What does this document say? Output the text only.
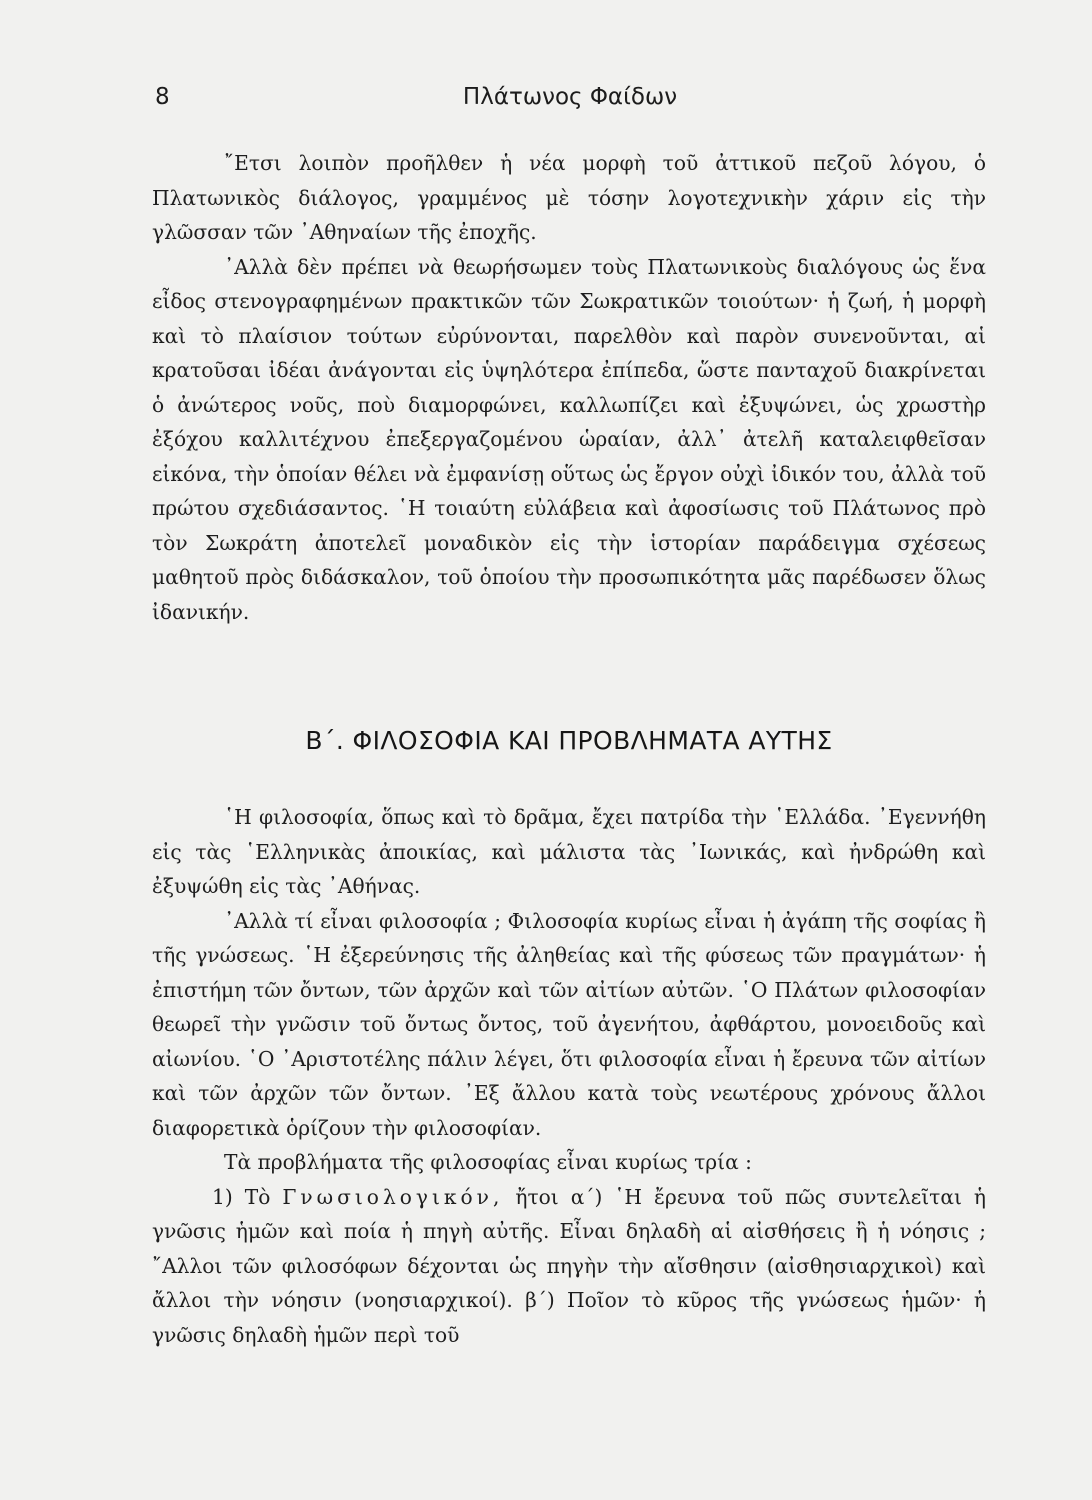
8	Πλάτωνος Φαίδων

῎Ετσι λοιπὸν προῆλθεν ἡ νέα μορφὴ τοῦ ἀττικοῦ πεζοῦ λόγου, ὁ Πλατωνικὸς διάλογος, γραμμένος μὲ τόσην λογοτεχνικὴν χάριν εἰς τὴν γλῶσσαν τῶν ᾿Αθηναίων τῆς ἐποχῆς.

᾿Αλλὰ δὲν πρέπει νὰ θεωρήσωμεν τοὺς Πλατωνικοὺς διαλόγους ὡς ἕνα εἶδος στενογραφημένων πρακτικῶν τῶν Σωκρατικῶν τοιούτων· ἡ ζωή, ἡ μορφὴ καὶ τὸ πλαίσιον τούτων εὐρύνονται, παρελθὸν καὶ παρὸν συνενοῦνται, αἱ κρατοῦσαι ἰδέαι ἀνάγονται εἰς ὑψηλότερα ἐπίπεδα, ὥστε πανταχοῦ διακρίνεται ὁ ἀνώτερος νοῦς, ποὺ διαμορφώνει, καλλωπίζει καὶ ἐξυψώνει, ὡς χρωστὴρ ἐξόχου καλλιτέχνου ἐπεξεργαζομένου ὡραίαν, ἀλλ᾿ ἀτελῆ καταλειφθεῖσαν εἰκόνα, τὴν ὁποίαν θέλει νὰ ἐμφανίσῃ οὕτως ὡς ἔργον οὐχὶ ἰδικόν του, ἀλλὰ τοῦ πρώτου σχεδιάσαντος. ῾Η τοιαύτη εὐλάβεια καὶ ἀφοσίωσις τοῦ Πλάτωνος πρὸ τὸν Σωκράτη ἀποτελεῖ μοναδικὸν εἰς τὴν ἱστορίαν παράδειγμα σχέσεως μαθητοῦ πρὸς διδάσκαλον, τοῦ ὁποίου τὴν προσωπικότητα μᾶς παρέδωσεν ὅλως ἰδανικήν.

Β΄. ΦΙΛΟΣΟΦΙΑ ΚΑΙ ΠΡΟΒΛΗΜΑΤΑ ΑΥΤΗΣ

῾Η φιλοσοφία, ὅπως καὶ τὸ δρᾶμα, ἔχει πατρίδα τὴν ῾Ελλάδα. ᾿Εγεννήθη εἰς τὰς ῾Ελληνικὰς ἀποικίας, καὶ μάλιστα τὰς ᾿Ιωνικάς, καὶ ἠνδρώθη καὶ ἐξυψώθη εἰς τὰς ᾿Αθήνας.

᾿Αλλὰ τί εἶναι φιλοσοφία ; Φιλοσοφία κυρίως εἶναι ἡ ἀγάπη τῆς σοφίας ἢ τῆς γνώσεως. ῾Η ἐξερεύνησις τῆς ἀληθείας καὶ τῆς φύσεως τῶν πραγμάτων· ἡ ἐπιστήμη τῶν ὄντων, τῶν ἀρχῶν καὶ τῶν αἰτίων αὐτῶν. ῾Ο Πλάτων φιλοσοφίαν θεωρεῖ τὴν γνῶσιν τοῦ ὄντως ὄντος, τοῦ ἀγενήτου, ἀφθάρτου, μονοειδοῦς καὶ αἰωνίου. ῾Ο ᾿Αριστοτέλης πάλιν λέγει, ὅτι φιλοσοφία εἶναι ἡ ἔρευνα τῶν αἰτίων καὶ τῶν ἀρχῶν τῶν ὄντων. ᾿Εξ ἄλλου κατὰ τοὺς νεωτέρους χρόνους ἄλλοι διαφορετικὰ ὁρίζουν τὴν φιλοσοφίαν.

Τὰ προβλήματα τῆς φιλοσοφίας εἶναι κυρίως τρία :

1) Τὸ Γνωσιολογικόν, ἤτοι α΄) ῾Η ἔρευνα τοῦ πῶς συντελεῖται ἡ γνῶσις ἡμῶν καὶ ποία ἡ πηγὴ αὐτῆς. Εἶναι δηλαδὴ αἱ αἰσθήσεις ἢ ἡ νόησις ; ῎Αλλοι τῶν φιλοσόφων δέχονται ὡς πηγὴν τὴν αἴσθησιν (αἰσθησιαρχικοὶ) καὶ ἄλλοι τὴν νόησιν (νοησιαρχικοί). β΄) Ποῖον τὸ κῦρος τῆς γνώσεως ἡμῶν· ἡ γνῶσις δηλαδὴ ἡμῶν περὶ τοῦ
